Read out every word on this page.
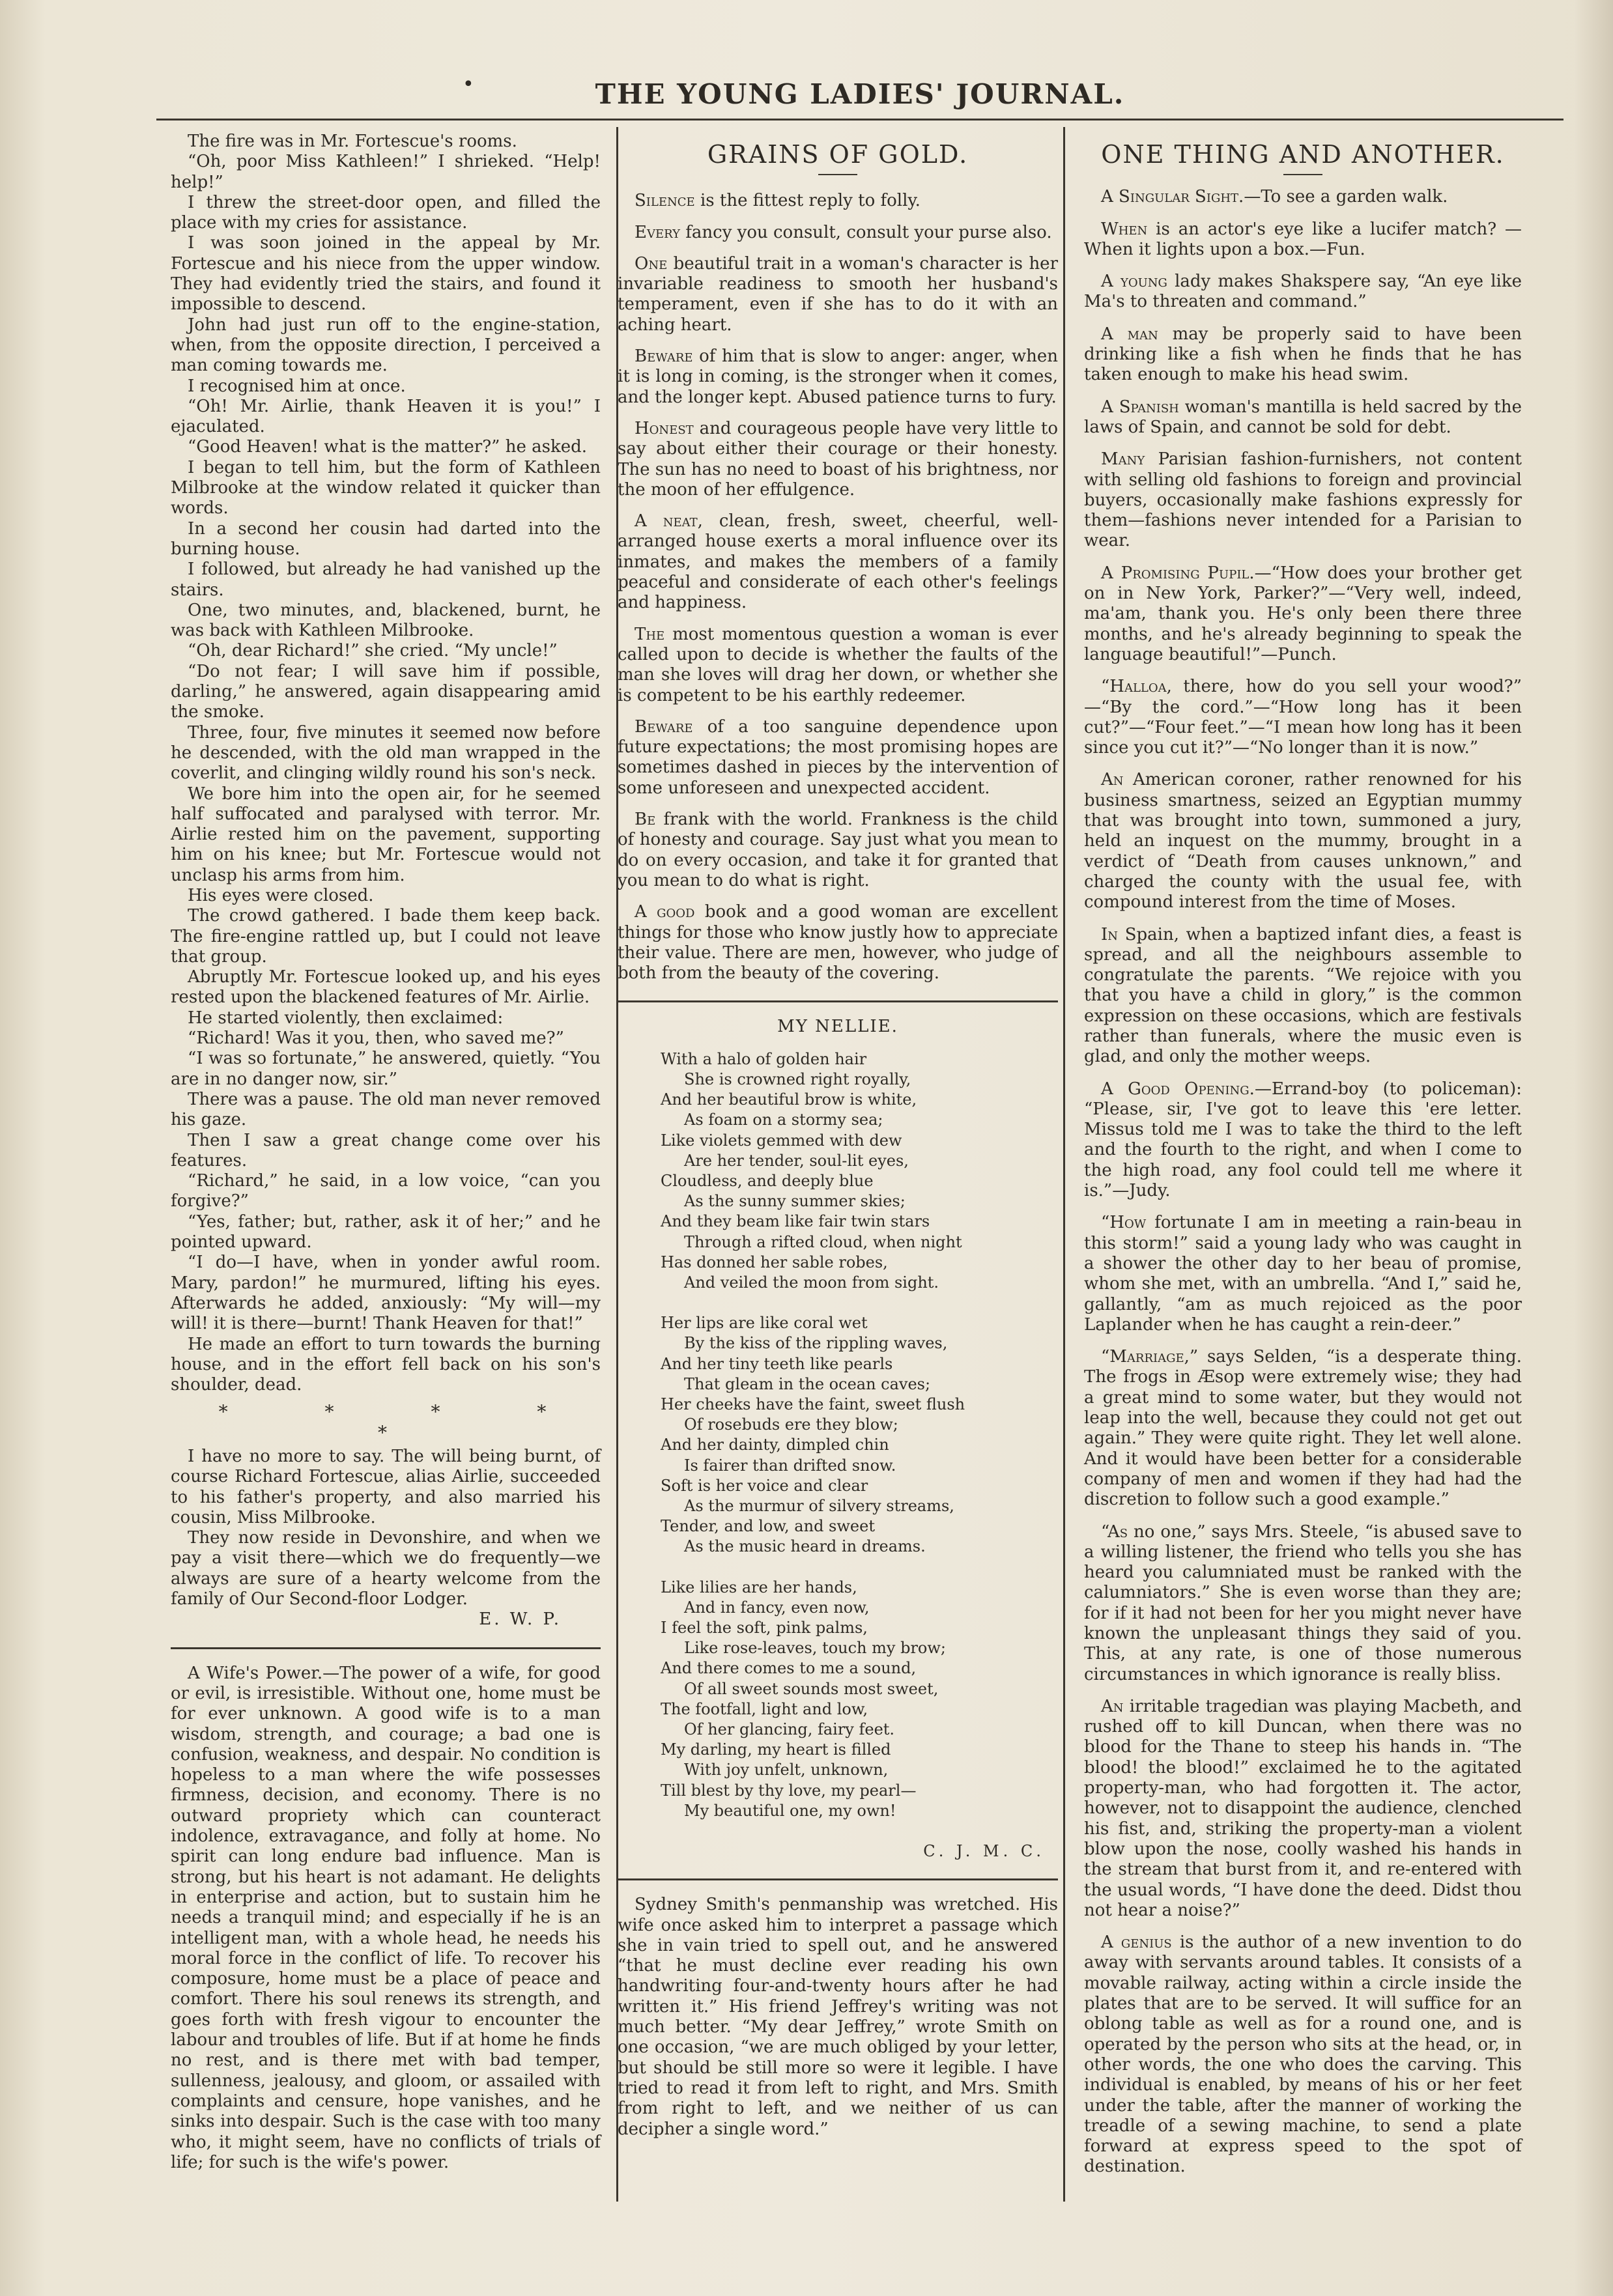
•	THE YOUNG LADIES' JOURNAL.

The fire was in Mr. Fortescue's rooms.

“Oh, poor Miss Kathleen!” I shrieked. “Help! help!”

I threw the street-door open, and filled the place with my cries for assistance.

I was soon joined in the appeal by Mr. Fortescue and his niece from the upper window. They had evidently tried the stairs, and found it impossible to descend.

John had just run off to the engine-station, when, from the opposite direction, I perceived a man coming towards me.

I recognised him at once.

“Oh! Mr. Airlie, thank Heaven it is you!” I ejaculated.

“Good Heaven! what is the matter?” he asked.

I began to tell him, but the form of Kathleen Milbrooke at the window related it quicker than words.

In a second her cousin had darted into the burning house.

I followed, but already he had vanished up the stairs.

One, two minutes, and, blackened, burnt, he was back with Kathleen Milbrooke.

“Oh, dear Richard!” she cried. “My uncle!”

“Do not fear; I will save him if possible, darling,” he answered, again disappearing amid the smoke.

Three, four, five minutes it seemed now before he descended, with the old man wrapped in the coverlit, and clinging wildly round his son's neck.

We bore him into the open air, for he seemed half suffocated and paralysed with terror. Mr. Airlie rested him on the pavement, supporting him on his knee; but Mr. Fortescue would not unclasp his arms from him.

His eyes were closed.

The crowd gathered. I bade them keep back. The fire-engine rattled up, but I could not leave that group.

Abruptly Mr. Fortescue looked up, and his eyes rested upon the blackened features of Mr. Airlie.

He started violently, then exclaimed:

“Richard! Was it you, then, who saved me?”

“I was so fortunate,” he answered, quietly. “You are in no danger now, sir.”

There was a pause. The old man never removed his gaze.

Then I saw a great change come over his features.

“Richard,” he said, in a low voice, “can you forgive?”

“Yes, father; but, rather, ask it of her;” and he pointed upward.

“I do—I have, when in yonder awful room. Mary, pardon!” he murmured, lifting his eyes. Afterwards he added, anxiously: “My will—my will! it is there—burnt! Thank Heaven for that!”

He made an effort to turn towards the burning house, and in the effort fell back on his son's shoulder, dead.

* * * * *

I have no more to say. The will being burnt, of course Richard Fortescue, alias Airlie, succeeded to his father's property, and also married his cousin, Miss Milbrooke.

They now reside in Devonshire, and when we pay a visit there—which we do frequently—we always are sure of a hearty welcome from the family of Our Second-floor Lodger.

E. W. P.

A Wife's Power.—The power of a wife, for good or evil, is irresistible. Without one, home must be for ever unknown. A good wife is to a man wisdom, strength, and courage; a bad one is confusion, weakness, and despair. No condition is hopeless to a man where the wife possesses firmness, decision, and economy. There is no outward propriety which can counteract indolence, extravagance, and folly at home. No spirit can long endure bad influence. Man is strong, but his heart is not adamant. He delights in enterprise and action, but to sustain him he needs a tranquil mind; and especially if he is an intelligent man, with a whole head, he needs his moral force in the conflict of life. To recover his composure, home must be a place of peace and comfort. There his soul renews its strength, and goes forth with fresh vigour to encounter the labour and troubles of life. But if at home he finds no rest, and is there met with bad temper, sullenness, jealousy, and gloom, or assailed with complaints and censure, hope vanishes, and he sinks into despair. Such is the case with too many who, it might seem, have no conflicts of trials of life; for such is the wife's power.

GRAINS OF GOLD.

Silence is the fittest reply to folly.

Every fancy you consult, consult your purse also.

One beautiful trait in a woman's character is her invariable readiness to smooth her husband's temperament, even if she has to do it with an aching heart.

Beware of him that is slow to anger: anger, when it is long in coming, is the stronger when it comes, and the longer kept. Abused patience turns to fury.

Honest and courageous people have very little to say about either their courage or their honesty. The sun has no need to boast of his brightness, nor the moon of her effulgence.

A neat, clean, fresh, sweet, cheerful, well-arranged house exerts a moral influence over its inmates, and makes the members of a family peaceful and considerate of each other's feelings and happiness.

The most momentous question a woman is ever called upon to decide is whether the faults of the man she loves will drag her down, or whether she is competent to be his earthly redeemer.

Beware of a too sanguine dependence upon future expectations; the most promising hopes are sometimes dashed in pieces by the intervention of some unforeseen and unexpected accident.

Be frank with the world. Frankness is the child of honesty and courage. Say just what you mean to do on every occasion, and take it for granted that you mean to do what is right.

A good book and a good woman are excellent things for those who know justly how to appreciate their value. There are men, however, who judge of both from the beauty of the covering.

MY NELLIE.
With a halo of golden hair
She is crowned right royally,
And her beautiful brow is white,
As foam on a stormy sea;
Like violets gemmed with dew
Are her tender, soul-lit eyes,
Cloudless, and deeply blue
As the sunny summer skies;
And they beam like fair twin stars
Through a rifted cloud, when night
Has donned her sable robes,
And veiled the moon from sight.
Her lips are like coral wet
By the kiss of the rippling waves,
And her tiny teeth like pearls
That gleam in the ocean caves;
Her cheeks have the faint, sweet flush
Of rosebuds ere they blow;
And her dainty, dimpled chin
Is fairer than drifted snow.
Soft is her voice and clear
As the murmur of silvery streams,
Tender, and low, and sweet
As the music heard in dreams.
Like lilies are her hands,
And in fancy, even now,
I feel the soft, pink palms,
Like rose-leaves, touch my brow;
And there comes to me a sound,
Of all sweet sounds most sweet,
The footfall, light and low,
Of her glancing, fairy feet.
My darling, my heart is filled
With joy unfelt, unknown,
Till blest by thy love, my pearl—
My beautiful one, my own!
C. J. M. C.

Sydney Smith's penmanship was wretched. His wife once asked him to interpret a passage which she in vain tried to spell out, and he answered “that he must decline ever reading his own handwriting four-and-twenty hours after he had written it.” His friend Jeffrey's writing was not much better. “My dear Jeffrey,” wrote Smith on one occasion, “we are much obliged by your letter, but should be still more so were it legible. I have tried to read it from left to right, and Mrs. Smith from right to left, and we neither of us can decipher a single word.”

ONE THING AND ANOTHER.

A Singular Sight.—To see a garden walk.

When is an actor's eye like a lucifer match? —When it lights upon a box.—Fun.

A young lady makes Shakspere say, “An eye like Ma's to threaten and command.”

A man may be properly said to have been drinking like a fish when he finds that he has taken enough to make his head swim.

A Spanish woman's mantilla is held sacred by the laws of Spain, and cannot be sold for debt.

Many Parisian fashion-furnishers, not content with selling old fashions to foreign and provincial buyers, occasionally make fashions expressly for them—fashions never intended for a Parisian to wear.

A Promising Pupil.—“How does your brother get on in New York, Parker?”—“Very well, indeed, ma'am, thank you. He's only been there three months, and he's already beginning to speak the language beautiful!”—Punch.

“Halloa, there, how do you sell your wood?” —“By the cord.”—“How long has it been cut?”—“Four feet.”—“I mean how long has it been since you cut it?”—“No longer than it is now.”

An American coroner, rather renowned for his business smartness, seized an Egyptian mummy that was brought into town, summoned a jury, held an inquest on the mummy, brought in a verdict of “Death from causes unknown,” and charged the county with the usual fee, with compound interest from the time of Moses.

In Spain, when a baptized infant dies, a feast is spread, and all the neighbours assemble to congratulate the parents. “We rejoice with you that you have a child in glory,” is the common expression on these occasions, which are festivals rather than funerals, where the music even is glad, and only the mother weeps.

A Good Opening.—Errand-boy (to policeman): “Please, sir, I've got to leave this 'ere letter. Missus told me I was to take the third to the left and the fourth to the right, and when I come to the high road, any fool could tell me where it is.”—Judy.

“How fortunate I am in meeting a rain-beau in this storm!” said a young lady who was caught in a shower the other day to her beau of promise, whom she met, with an umbrella. “And I,” said he, gallantly, “am as much rejoiced as the poor Laplander when he has caught a rein-deer.”

“Marriage,” says Selden, “is a desperate thing. The frogs in Æsop were extremely wise; they had a great mind to some water, but they would not leap into the well, because they could not get out again.” They were quite right. They let well alone. And it would have been better for a considerable company of men and women if they had had the discretion to follow such a good example.”

“As no one,” says Mrs. Steele, “is abused save to a willing listener, the friend who tells you she has heard you calumniated must be ranked with the calumniators.” She is even worse than they are; for if it had not been for her you might never have known the unpleasant things they said of you. This, at any rate, is one of those numerous circumstances in which ignorance is really bliss.

An irritable tragedian was playing Macbeth, and rushed off to kill Duncan, when there was no blood for the Thane to steep his hands in. “The blood! the blood!” exclaimed he to the agitated property-man, who had forgotten it. The actor, however, not to disappoint the audience, clenched his fist, and, striking the property-man a violent blow upon the nose, coolly washed his hands in the stream that burst from it, and re-entered with the usual words, “I have done the deed. Didst thou not hear a noise?”

A genius is the author of a new invention to do away with servants around tables. It consists of a movable railway, acting within a circle inside the plates that are to be served. It will suffice for an oblong table as well as for a round one, and is operated by the person who sits at the head, or, in other words, the one who does the carving. This individual is enabled, by means of his or her feet under the table, after the manner of working the treadle of a sewing machine, to send a plate forward at express speed to the spot of destination.
